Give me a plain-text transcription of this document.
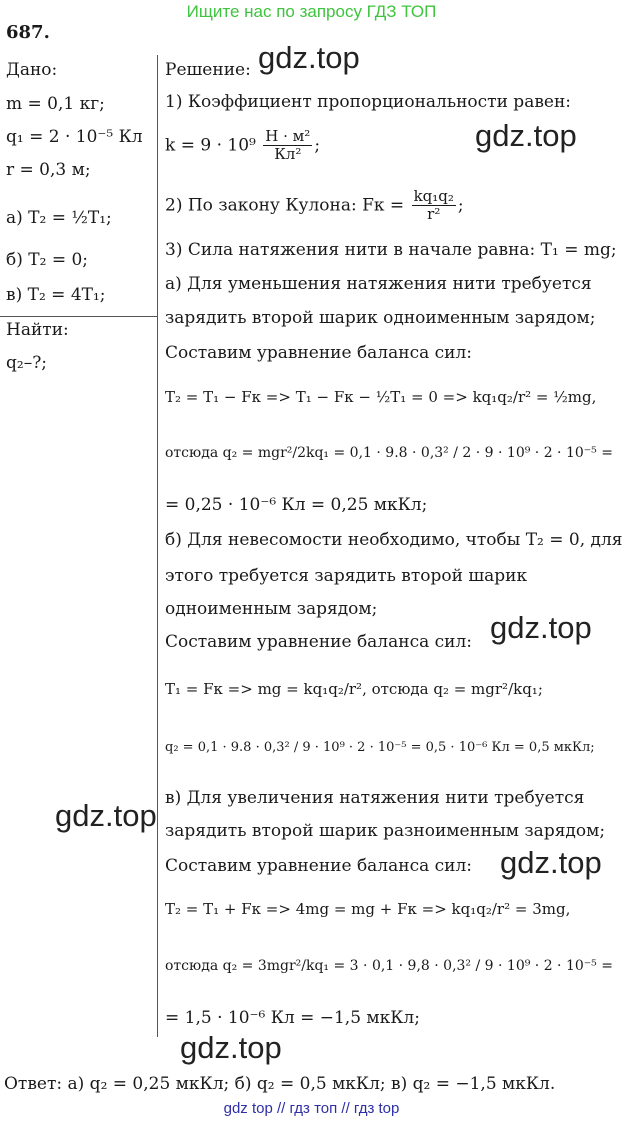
Ищите нас по запросу ГДЗ ТОП
687.
Дано:
m = 0,1 кг;
q₁ = 2 · 10⁻⁵ Кл
r = 0,3 м;
а) T₂ = ½T₁;
б) T₂ = 0;
в) T₂ = 4T₁;
Найти:
q₂–?;
Решение:
1) Коэффициент пропорциональности равен:
$k = 9 \cdot 10^9 \frac{\text{Н · м²}}{\text{Кл²}}$ ;
2) По закону Кулона: Fк = $\frac{\text{kq₁q₂}}{\text{r²}}$ ;
3) Сила натяжения нити в начале равна: T₁ = mg;
а) Для уменьшения натяжения нити требуется
зарядить второй шарик одноименным зарядом;
Составим уравнение баланса сил:
T₂ = T₁ − Fк => T₁ − Fк − ½T₁ = 0 => kq₁q₂/r² = ½mg,
отсюда q₂ = mgr²/2kq₁ = 0,1 · 9.8 · 0,3² / 2 · 9 · 10⁹ · 2 · 10⁻⁵ =
= 0,25 · 10⁻⁶ Кл = 0,25 мкКл;
б) Для невесомости необходимо, чтобы T₂ = 0, для
этого требуется зарядить второй шарик
одноименным зарядом;
Составим уравнение баланса сил:
T₁ = Fк => mg = kq₁q₂/r², отсюда q₂ = mgr²/kq₁;
q₂ = 0,1 · 9.8 · 0,3² / 9 · 10⁹ · 2 · 10⁻⁵ = 0,5 · 10⁻⁶ Кл = 0,5 мкКл;
в) Для увеличения натяжения нити требуется
зарядить второй шарик разноименным зарядом;
Составим уравнение баланса сил:
T₂ = T₁ + Fк => 4mg = mg + Fк => kq₁q₂/r² = 3mg,
отсюда q₂ = 3mgr²/kq₁ = 3 · 0,1 · 9,8 · 0,3² / 9 · 10⁹ · 2 · 10⁻⁵ =
= 1,5 · 10⁻⁶ Кл = −1,5 мкКл;
gdz.top
gdz.top
gdz.top
gdz.top
gdz.top
gdz.top
Ответ: а) q₂ = 0,25 мкКл; б) q₂ = 0,5 мкКл; в) q₂ = −1,5 мкКл.
gdz top // гдз топ // гдз top
